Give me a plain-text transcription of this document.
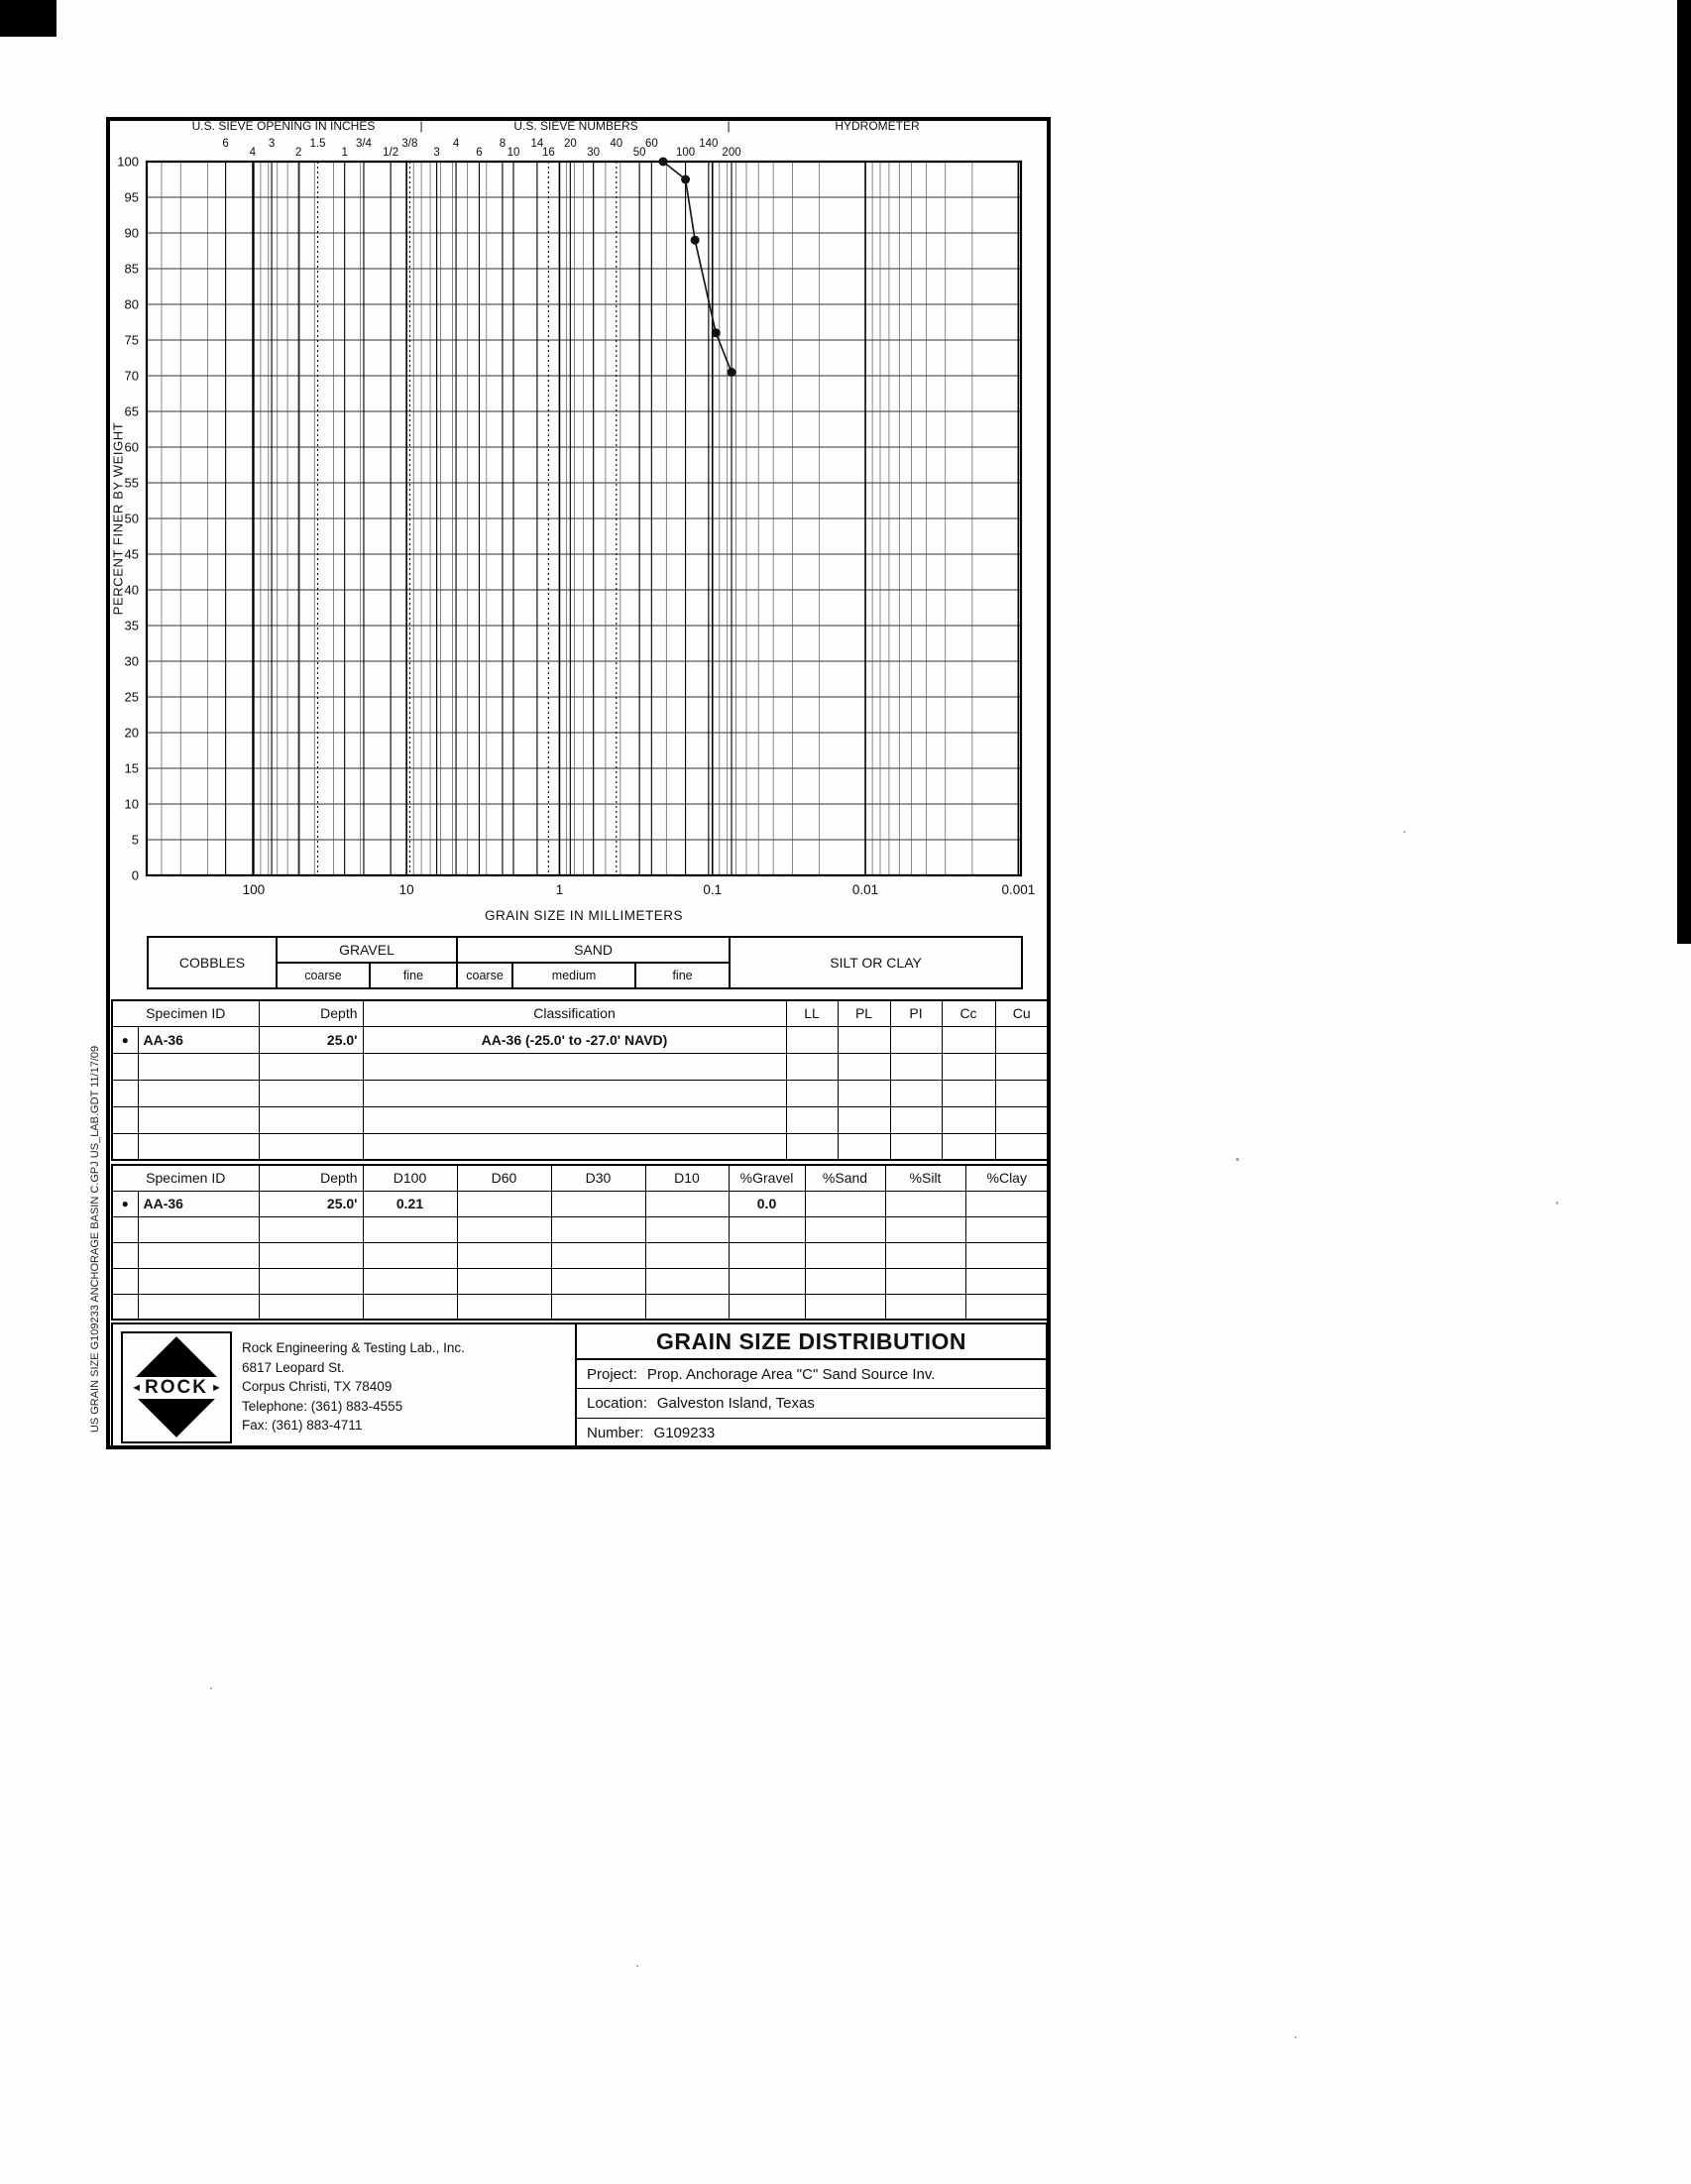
US GRAIN SIZE G109233 ANCHORAGE BASIN C.GPJ US_LAB.GDT 11/17/09
U.S. SIEVE OPENING IN INCHES	|	U.S. SIEVE NUMBERS	|	HYDROMETER
PERCENT FINER BY WEIGHT
GRAIN SIZE IN MILLIMETERS
0
5
10
15
20
25
30
35
40
45
50
55
60
65
70
75
80
85
90
95
100
100	10	1	0.1	0.01	0.001
6
4
3
2
1.5
1
3/4
1/2
3/8
3
4
6
8
10
14
16
20
30
40
50
60
100
140
200
COBBLES	GRAVEL		SAND			SILT OR CLAY
	coarse	fine	coarse	medium	fine	
Specimen ID		Depth	Classification	LL	PL	PI	Cc	Cu
●	AA-36	25.0'	AA-36 (-25.0' to -27.0' NAVD)					

Specimen ID		Depth	D100	D60	D30	D10	%Gravel	%Sand	%Silt	%Clay
●	AA-36	25.0'	0.21				0.0			

◄ ROCK ►
Rock Engineering & Testing Lab., Inc.
6817 Leopard St.
Corpus Christi, TX 78409
Telephone: (361) 883-4555
Fax: (361) 883-4711
GRAIN SIZE DISTRIBUTION
Project: Prop. Anchorage Area "C" Sand Source Inv.
Location: Galveston Island, Texas
Number: G109233
